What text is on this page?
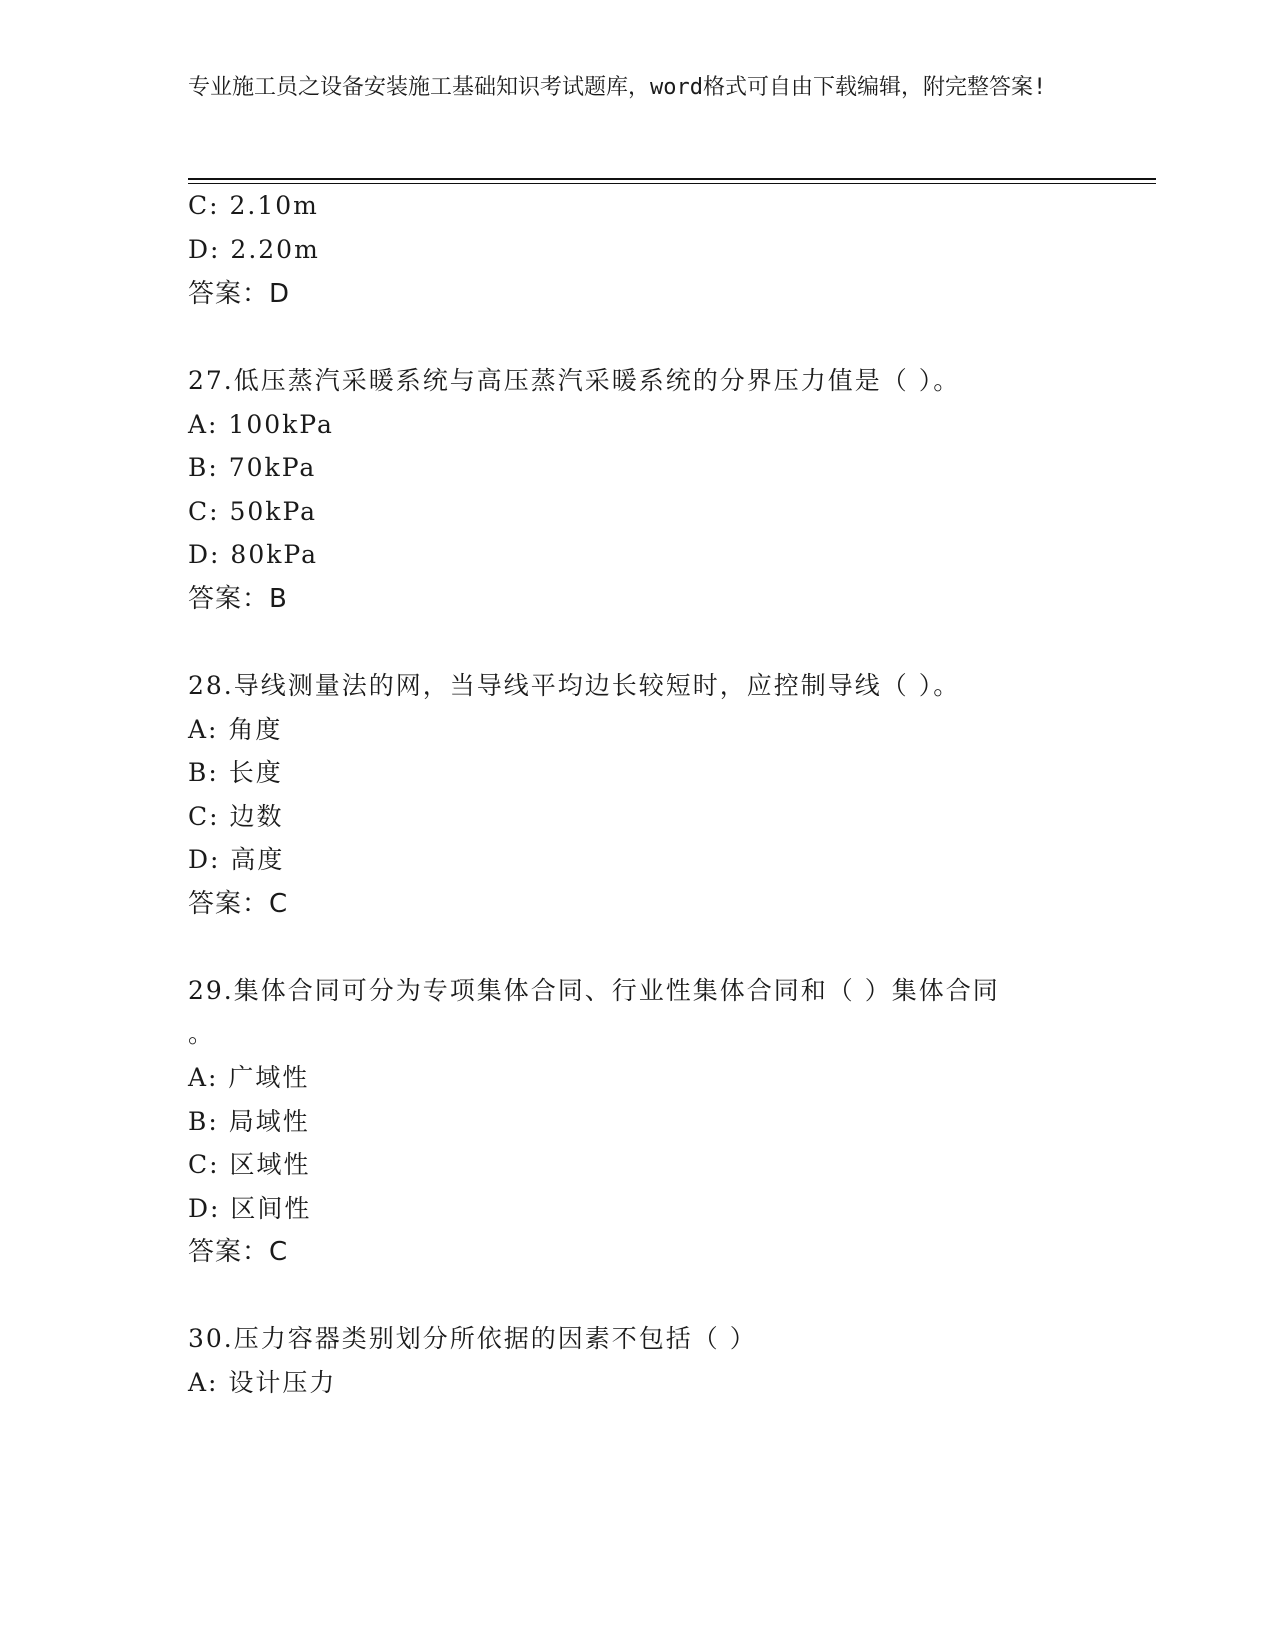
专业施工员之设备安装施工基础知识考试题库，word格式可自由下载编辑，附完整答案!
C: 2.10m
D: 2.20m
答案：D
27.低压蒸汽采暖系统与高压蒸汽采暖系统的分界压力值是（ ）。
A: 100kPa
B: 70kPa
C: 50kPa
D: 80kPa
答案：B
28.导线测量法的网，当导线平均边长较短时，应控制导线（ ）。
A: 角度
B: 长度
C: 边数
D: 高度
答案：C
29.集体合同可分为专项集体合同、行业性集体合同和（ ）集体合同
。
A: 广域性
B: 局域性
C: 区域性
D: 区间性
答案：C
30.压力容器类别划分所依据的因素不包括（ ）
A: 设计压力
